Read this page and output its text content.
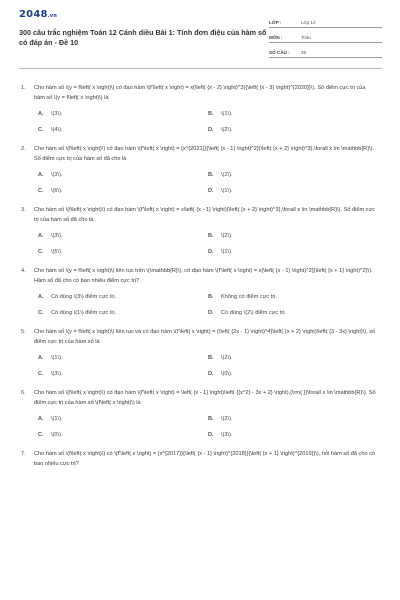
2048.vn
300 câu trắc nghiệm Toán 12 Cánh diều Bài 1: Tính đơn điệu của hàm số có đáp án - Đề 10
LỚP :	Lớp 12
MÔN :	Toán
SỐ CÂU :	29
1. Cho hàm số \(y = f\left( x \right)\) có đạo hàm \(f'\left( x \right) = x{\left( {x - 2} \right)^3}{\left( {x - 3} \right)^{2020}}\). Số điểm cực trị của hàm số \(y = f\left( x \right)\) là
A.	\(3\).	B.	\(1\).
C.	\(4\).	D.	\(2\).
2. Cho hàm số \(f\left( x \right)\) có đạo hàm \(f'\left( x \right) = {x^{2021}}{\left( {x - 1} \right)^2}{\left( {x + 2} \right)^3},\forall x \in \mathbb{R}\). Số điểm cực trị của hàm số đã cho là
A.	\(3\).	B.	\(2\).
C.	\(6\).	D.	\(1\).
3. Cho hàm số \(f\left( x \right)\) có đạo hàm \(f'\left( x \right) = x\left( {x - 1} \right){\left( {x + 2} \right)^3},\forall x \in \mathbb{R}\). Số điểm cực trị của hàm số đã cho là
A.	\(3\).	B.	\(2\).
C.	\(5\).	D.	\(1\).
4. Cho hàm số \(y = f\left( x \right)\) liên tục trên \(\mathbb{R}\), có đạo hàm \(f'\left( x \right) = x{\left( {x - 1} \right)^2}{\left( {x + 1} \right)^2}\). Hàm số đã cho có bao nhiêu điểm cực trị?
A.	Có đúng \(3\) điểm cực trị.	B.	Không có điểm cực trị.
C.	Có đúng \(1\) điểm cực trị.	D.	Có đúng \(2\) điểm cực trị.
5. Cho hàm số \(y = f\left( x \right)\) liên tục và có đạo hàm \(f'\left( x \right) = {\left( {2x - 1} \right)^4}\left( {x + 2} \right)\left( {3 - 3x} \right)\), số điểm cực trị của hàm số là
A.	\(1\).	B.	\(2\).
C.	\(3\).	D.	\(0\).
6. Cho hàm số \(f\left( x \right)\) có đạo hàm \(f'\left( x \right) = \left( {x - 1} \right)\left( {{x^2} - 3x + 2} \right),{\rm{ }}\forall x \in \mathbb{R}\). Số điểm cực trị của hàm số \(f\left( x \right)\) là
A.	\(1\).	B.	\(2\).
C.	\(0\).	D.	\(3\).
7. Cho hàm số \(f\left( x \right)\) có \(f'\left( x \right) = {x^{2017}}{\left( {x - 1} \right)^{2018}}{\left( {x + 1} \right)^{2019}}\), hỏi hàm số đã cho có bao nhiêu cực trị?
